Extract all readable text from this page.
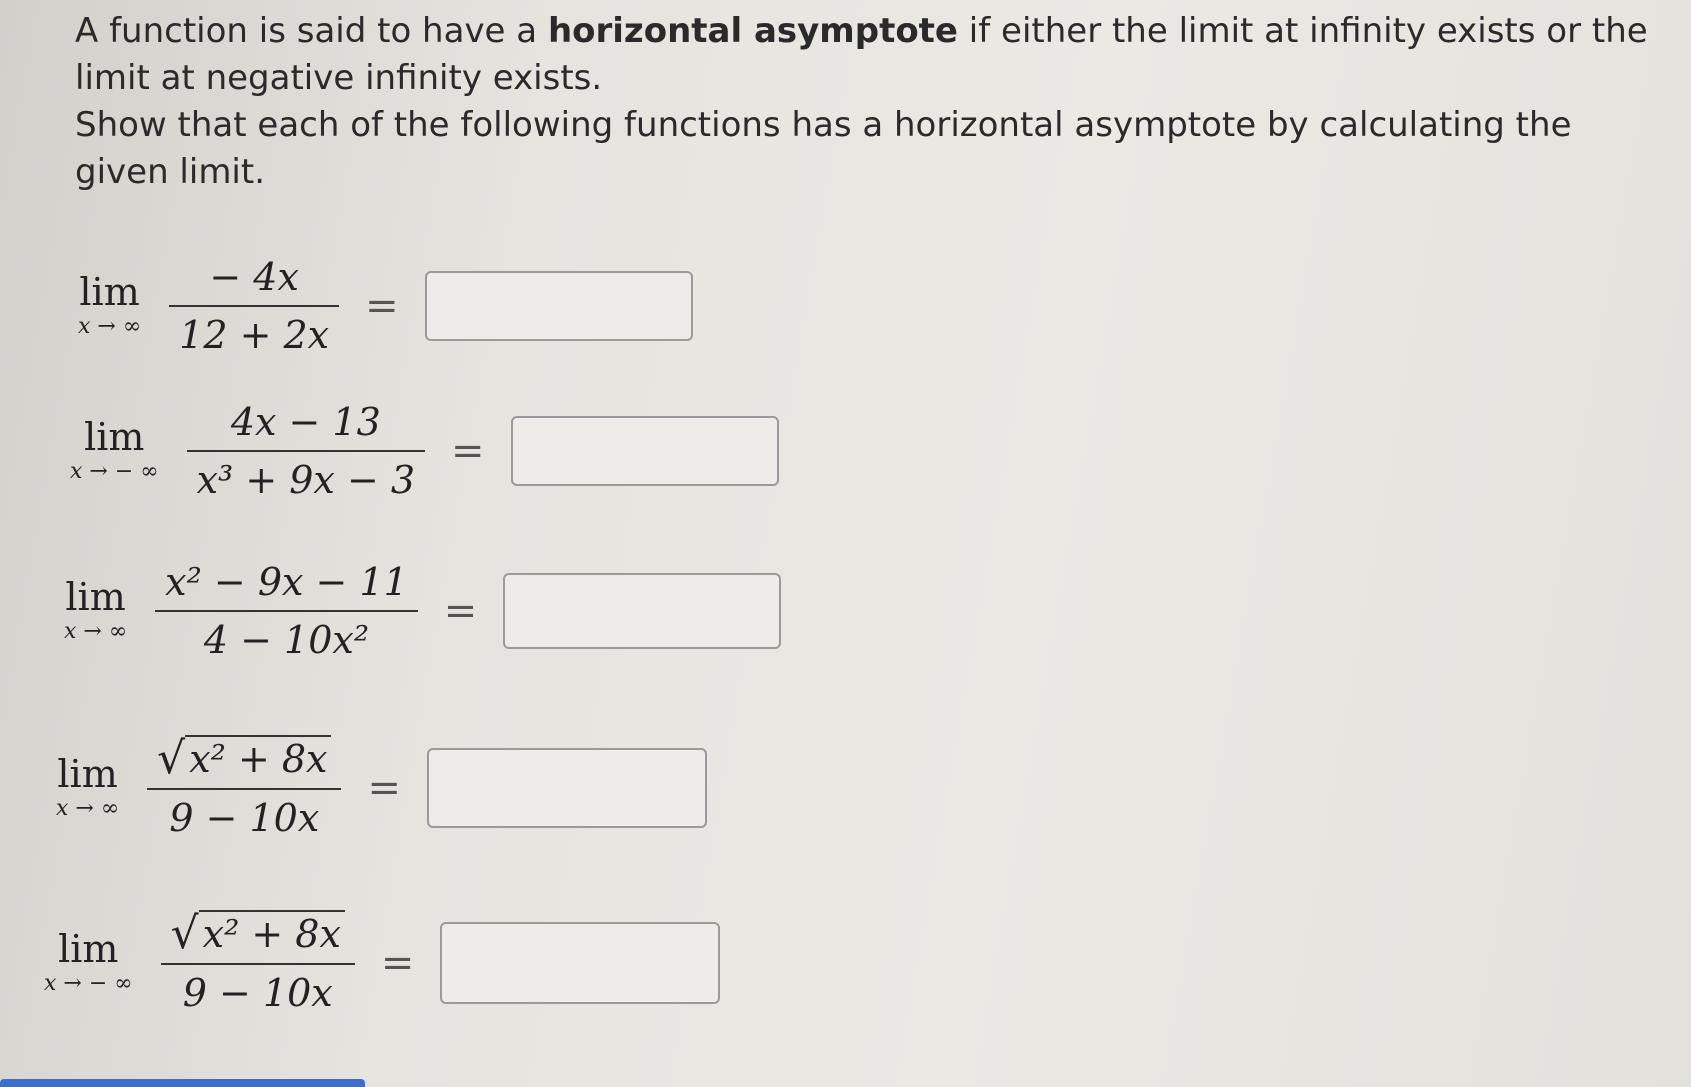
A function is said to have a horizontal asymptote if either the limit at infinity exists or the limit at negative infinity exists.

Show that each of the following functions has a horizontal asymptote by calculating the given limit.

lim
x → ∞ $\frac{- 4x}{12 + 2x}$ =
lim
x → − ∞ $\frac{4x - 13}{\text{x³ + 9x − 3}}$ =
lim
x → ∞ $\frac{\text{x² − 9x − 11}}{\text{4 − 10x²}}$ =
lim
x → ∞ $\frac{\text{√ x² + 8x}}{9 - 10x}$ =
lim
x → − ∞ $\frac{\text{√ x² + 8x}}{9 - 10x}$ =
